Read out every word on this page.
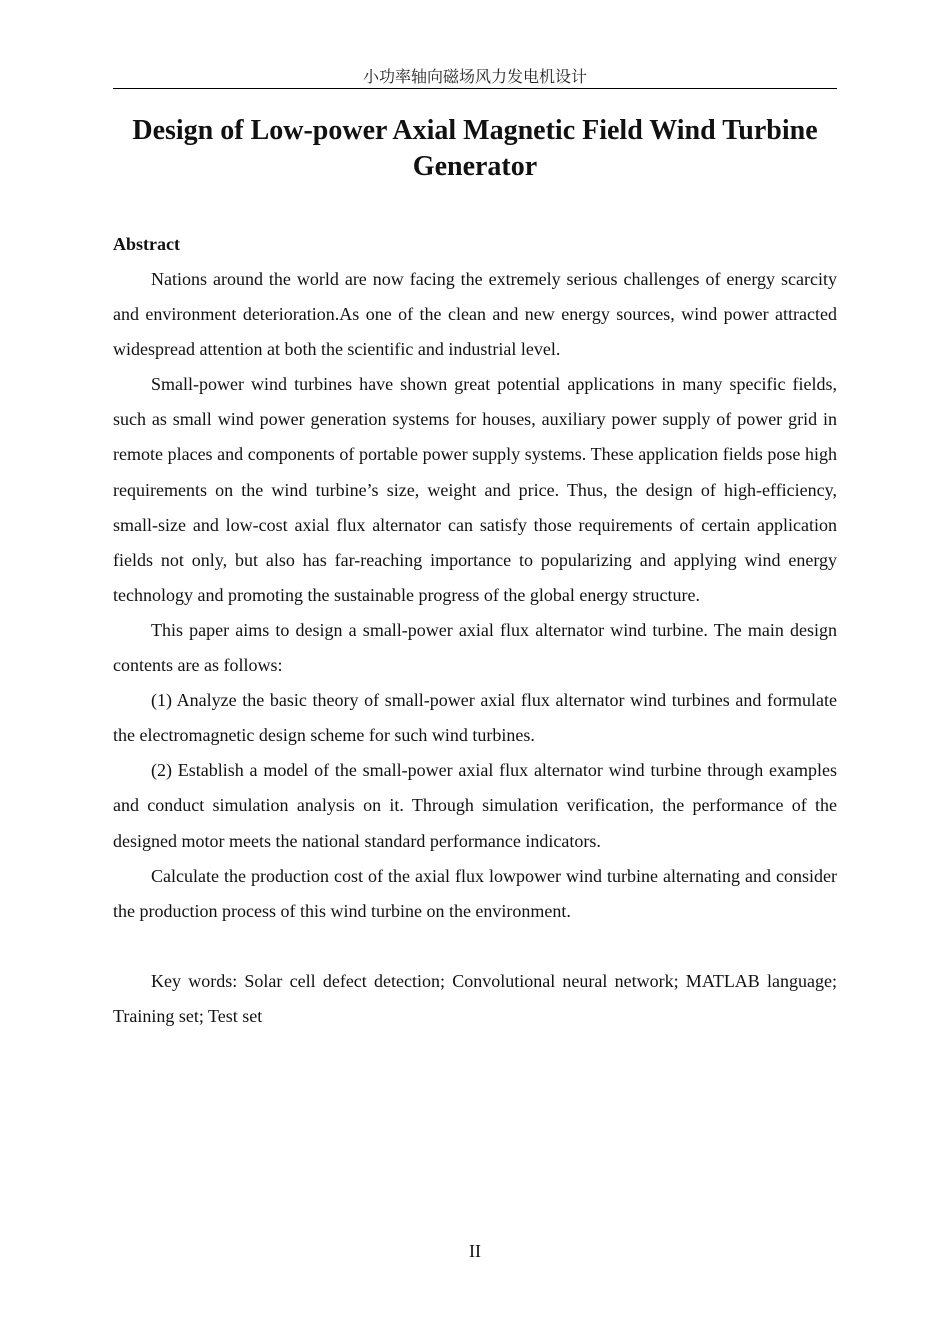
小功率轴向磁场风力发电机设计
Design of Low-power Axial Magnetic Field Wind Turbine Generator
Abstract

Nations around the world are now facing the extremely serious challenges of energy scarcity and environment deterioration.As one of the clean and new energy sources, wind power attracted widespread attention at both the scientific and industrial level.

Small-power wind turbines have shown great potential applications in many specific fields, such as small wind power generation systems for houses, auxiliary power supply of power grid in remote places and components of portable power supply systems. These application fields pose high requirements on the wind turbine’s size, weight and price. Thus, the design of high-efficiency, small-size and low-cost axial flux alternator can satisfy those requirements of certain application fields not only, but also has far-reaching importance to popularizing and applying wind energy technology and promoting the sustainable progress of the global energy structure.

This paper aims to design a small-power axial flux alternator wind turbine. The main design contents are as follows:

(1) Analyze the basic theory of small-power axial flux alternator wind turbines and formulate the electromagnetic design scheme for such wind turbines.

(2) Establish a model of the small-power axial flux alternator wind turbine through examples and conduct simulation analysis on it. Through simulation verification, the performance of the designed motor meets the national standard performance indicators.

Calculate the production cost of the axial flux lowpower wind turbine alternating and consider the production process of this wind turbine on the environment.

Key words: Solar cell defect detection; Convolutional neural network; MATLAB language; Training set; Test set

II
